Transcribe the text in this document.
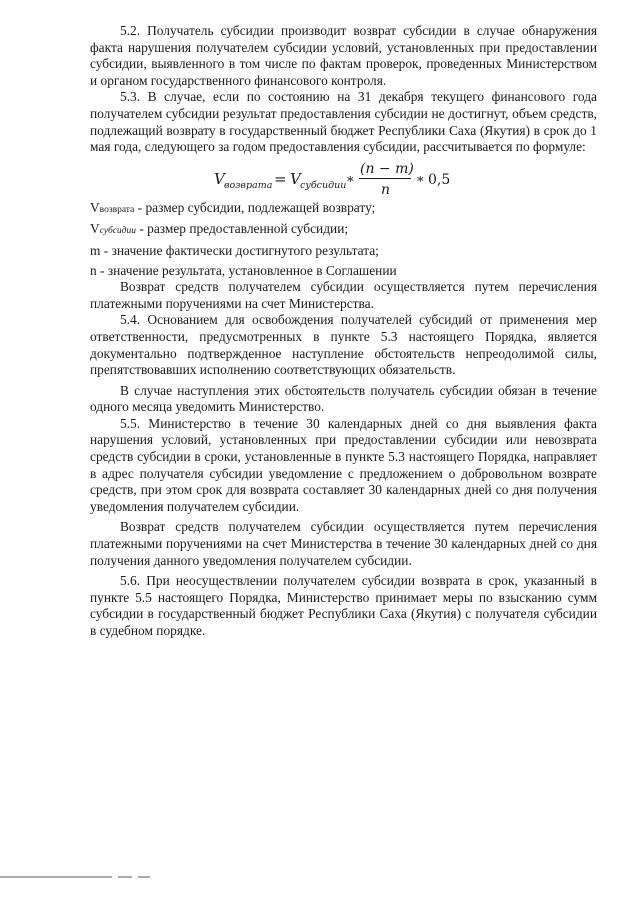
5.2. Получатель субсидии производит возврат субсидии в случае обнаружения факта нарушения получателем субсидии условий, установленных при предоставлении субсидии, выявленного в том числе по фактам проверок, проведенных Министерством и органом государственного финансового контроля.

5.3. В случае, если по состоянию на 31 декабря текущего финансового года получателем субсидии результат предоставления субсидии не достигнут, объем средств, подлежащий возврату в государственный бюджет Республики Саха (Якутия) в срок до 1 мая года, следующего за годом предоставления субсидии, рассчитывается по формуле:

V возврата = V субсидии *
(n − m)
n * 0,5

Vвозврата - размер субсидии, подлежащей возврату;

Vсубсидии - размер предоставленной субсидии;

m - значение фактически достигнутого результата;

n - значение результата, установленное в Соглашении

Возврат средств получателем субсидии осуществляется путем перечисления платежными поручениями на счет Министерства.

5.4. Основанием для освобождения получателей субсидий от применения мер ответственности, предусмотренных в пункте 5.3 настоящего Порядка, является документально подтвержденное наступление обстоятельств непреодолимой силы, препятствовавших исполнению соответствующих обязательств.

В случае наступления этих обстоятельств получатель субсидии обязан в течение одного месяца уведомить Министерство.

5.5. Министерство в течение 30 календарных дней со дня выявления факта нарушения условий, установленных при предоставлении субсидии или невозврата средств субсидии в сроки, установленные в пункте 5.3 настоящего Порядка, направляет в адрес получателя субсидии уведомление с предложением о добровольном возврате средств, при этом срок для возврата составляет 30 календарных дней со дня получения уведомления получателем субсидии.

Возврат средств получателем субсидии осуществляется путем перечисления платежными поручениями на счет Министерства в течение 30 календарных дней со дня получения данного уведомления получателем субсидии.

5.6. При неосуществлении получателем субсидии возврата в срок, указанный в пункте 5.5 настоящего Порядка, Министерство принимает меры по взысканию сумм субсидии в государственный бюджет Республики Саха (Якутия) с получателя субсидии в судебном порядке.
